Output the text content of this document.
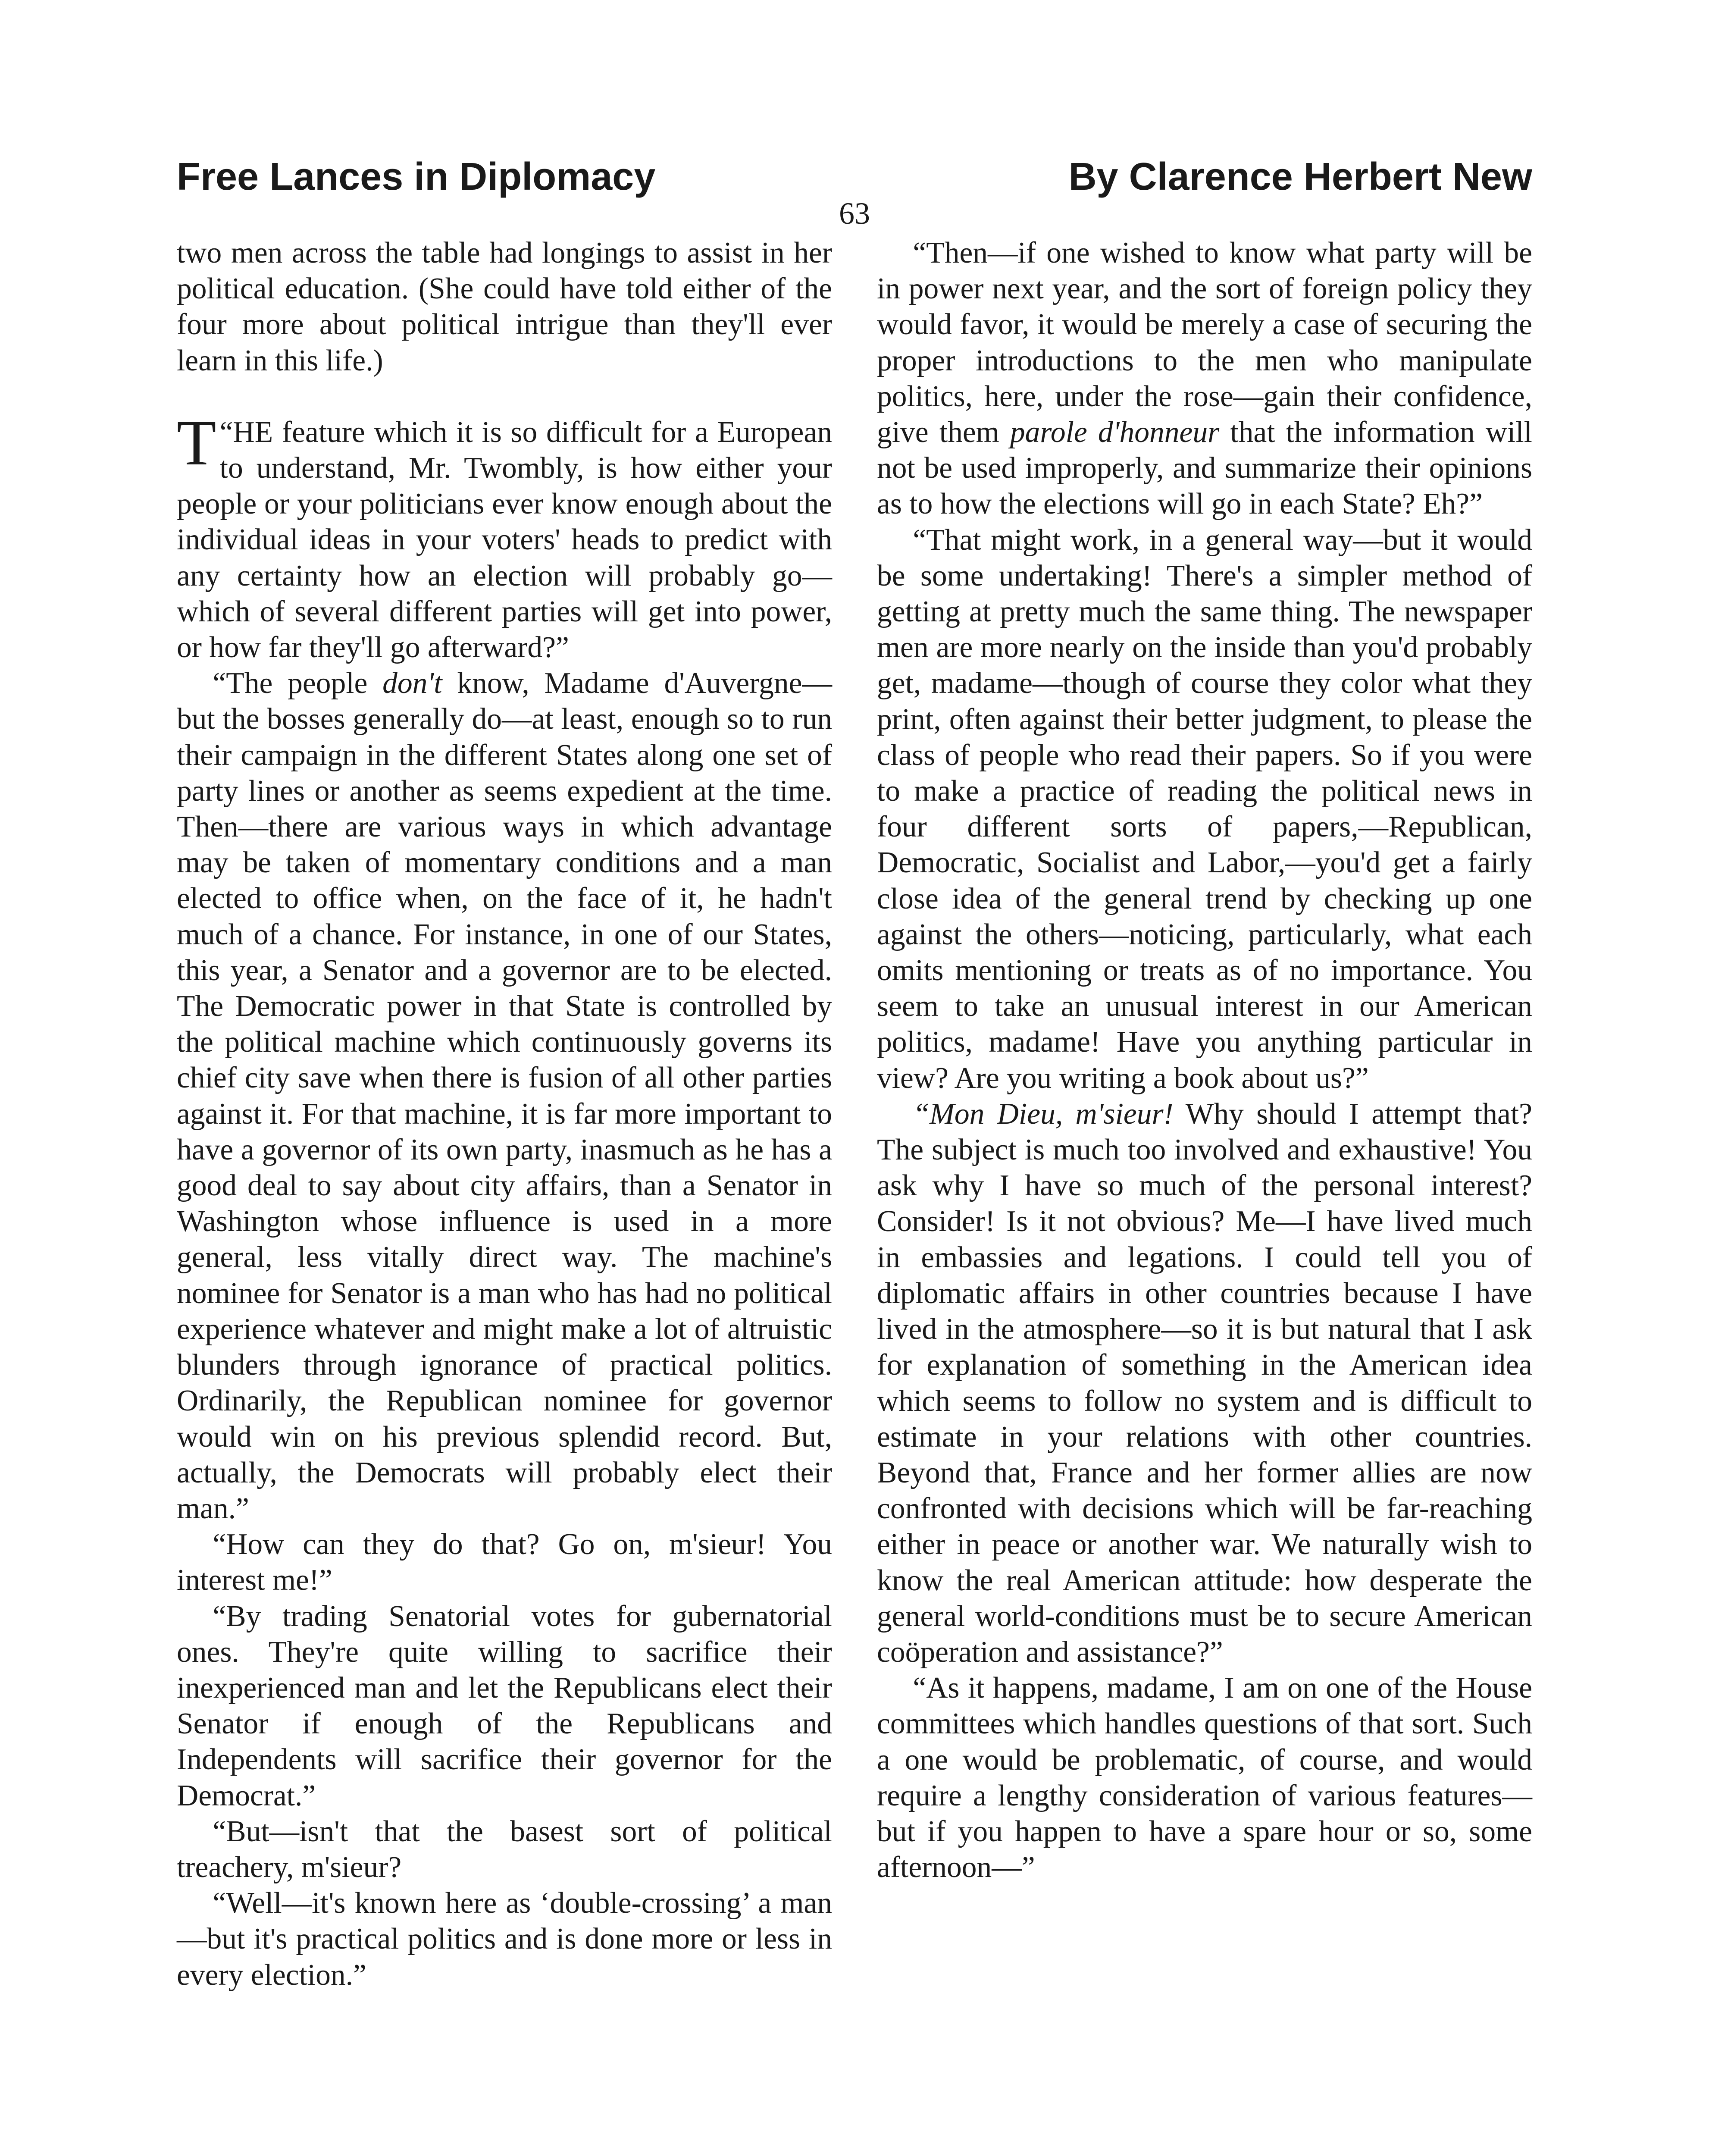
Free Lances in Diplomacy	By Clarence Herbert New
63

two men across the table had longings to assist in her political education. (She could have told either of the four more about political intrigue than they'll ever learn in this life.)

“
T HE feature which it is so difficult for a European to understand, Mr. Twombly, is how either your people or your politicians ever know enough about the individual ideas in your voters' heads to predict with any certainty how an election will probably go—which of several different parties will get into power, or how far they'll go afterward?”

“The people don't know, Madame d'Auvergne—but the bosses generally do—at least, enough so to run their campaign in the different States along one set of party lines or another as seems expedient at the time. Then—there are various ways in which advantage may be taken of momentary conditions and a man elected to office when, on the face of it, he hadn't much of a chance. For instance, in one of our States, this year, a Senator and a governor are to be elected. The Democratic power in that State is controlled by the political machine which continuously governs its chief city save when there is fusion of all other parties against it. For that machine, it is far more important to have a governor of its own party, inasmuch as he has a good deal to say about city affairs, than a Senator in Washington whose influence is used in a more general, less vitally direct way. The machine's nominee for Senator is a man who has had no political experience whatever and might make a lot of altruistic blunders through ignorance of practical politics. Ordinarily, the Republican nominee for governor would win on his previous splendid record. But, actually, the Democrats will probably elect their man.”

“How can they do that? Go on, m'sieur! You interest me!”

“By trading Senatorial votes for gubernatorial ones. They're quite willing to sacrifice their inexperienced man and let the Republicans elect their Senator if enough of the Republicans and Independents will sacrifice their governor for the Democrat.”

“But—isn't that the basest sort of political treachery, m'sieur?

“Well—it's known here as ‘double-crossing’ a man—but it's practical politics and is done more or less in every election.”

“Then—if one wished to know what party will be in power next year, and the sort of foreign policy they would favor, it would be merely a case of securing the proper introductions to the men who manipulate politics, here, under the rose—gain their confidence, give them parole d'honneur that the information will not be used improperly, and summarize their opinions as to how the elections will go in each State? Eh?”

“That might work, in a general way—but it would be some undertaking! There's a simpler method of getting at pretty much the same thing. The newspaper men are more nearly on the inside than you'd probably get, madame—though of course they color what they print, often against their better judgment, to please the class of people who read their papers. So if you were to make a practice of reading the political news in four different sorts of papers,—Republican, Democratic, Socialist and Labor,—you'd get a fairly close idea of the general trend by checking up one against the others—noticing, particularly, what each omits mentioning or treats as of no importance. You seem to take an unusual interest in our American politics, madame! Have you anything particular in view? Are you writing a book about us?”

“Mon Dieu, m'sieur! Why should I attempt that? The subject is much too involved and exhaustive! You ask why I have so much of the personal interest? Consider! Is it not obvious? Me—I have lived much in embassies and legations. I could tell you of diplomatic affairs in other countries because I have lived in the atmosphere—so it is but natural that I ask for explanation of something in the American idea which seems to follow no system and is difficult to estimate in your relations with other countries. Beyond that, France and her former allies are now confronted with decisions which will be far-reaching either in peace or another war. We naturally wish to know the real American attitude: how desperate the general world-conditions must be to secure American coöperation and assistance?”

“As it happens, madame, I am on one of the House committees which handles questions of that sort. Such a one would be problematic, of course, and would require a lengthy consideration of various features—but if you happen to have a spare hour or so, some afternoon—”
